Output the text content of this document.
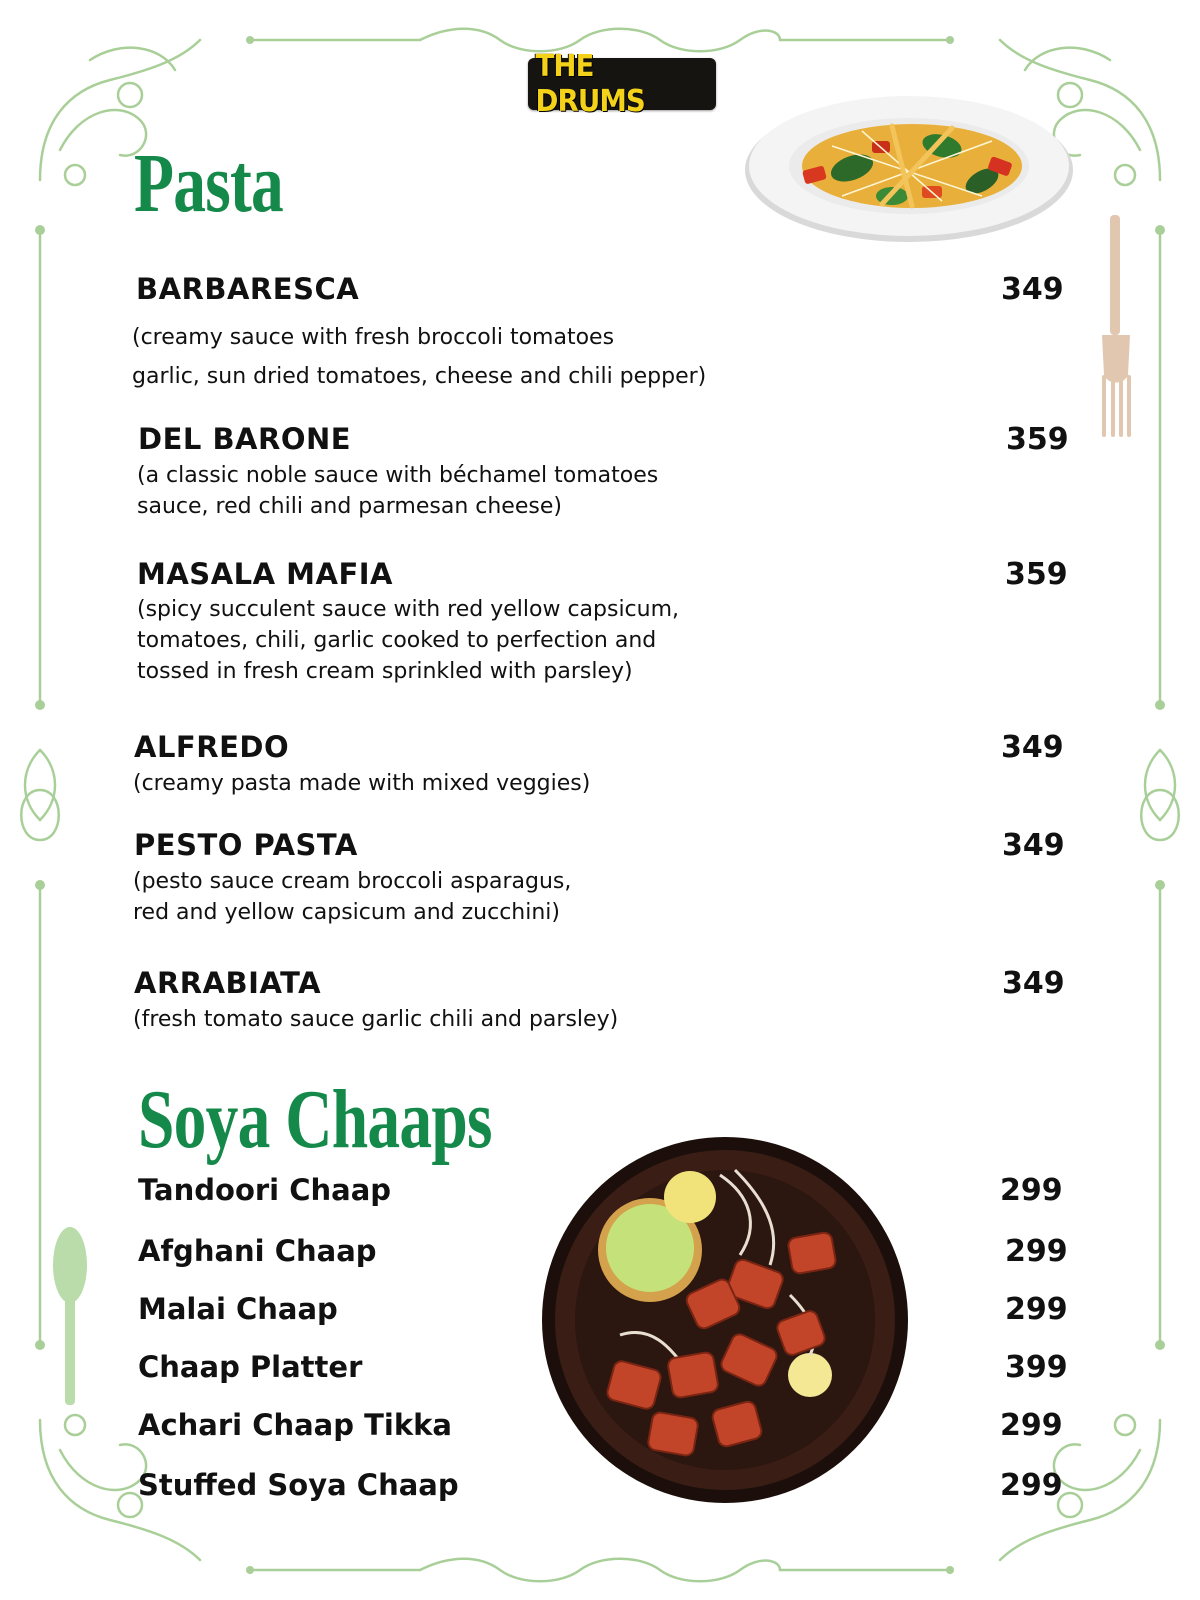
THE DRUMS
Pasta

BARBARESCA	349

(creamy sauce with fresh broccoli tomatoes
garlic, sun dried tomatoes, cheese and chili pepper)

DEL BARONE	359

(a classic noble sauce with béchamel tomatoes
sauce, red chili and parmesan cheese)

MASALA MAFIA	359

(spicy succulent sauce with red yellow capsicum,
tomatoes, chili, garlic cooked to perfection and
tossed in fresh cream sprinkled with parsley)

ALFREDO	349

(creamy pasta made with mixed veggies)

PESTO PASTA	349

(pesto sauce cream broccoli asparagus,
red and yellow capsicum and zucchini)

ARRABIATA	349

(fresh tomato sauce garlic chili and parsley)

Soya Chaaps

Tandoori Chaap	299

Afghani Chaap	299

Malai Chaap	299

Chaap Platter	399

Achari Chaap Tikka	299

Stuffed Soya Chaap	299
